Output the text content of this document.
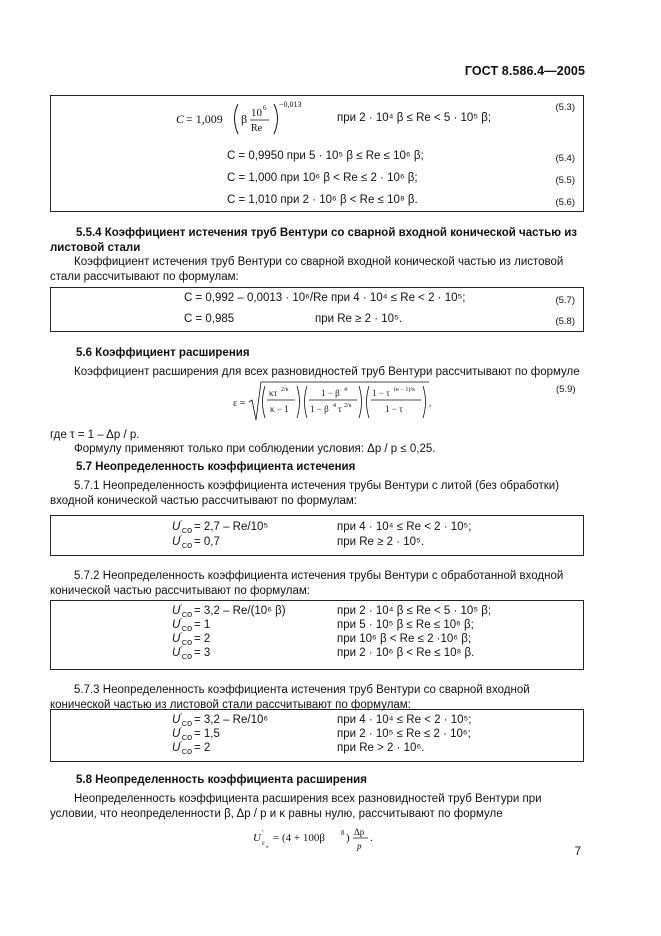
ГОСТ 8.586.4—2005
C = 1,009 β 10 6
Re
−0,013
при 2 · 10⁴ β ≤ Re < 5 · 10⁵ β;
(5.3)
C = 0,9950 при 5 · 10⁵ β ≤ Re ≤ 10⁶ β;	(5.4)
C = 1,000 при 10⁶ β < Re ≤ 2 · 10⁶ β;	(5.5)
C = 1,010 при 2 · 10⁶ β < Re ≤ 10⁸ β.	(5.6)
5.5.4 Коэффициент истечения труб Вентури со сварной входной конической частью из листовой стали
Коэффициент истечения труб Вентури со сварной входной конической частью из листовой стали рассчитывают по формулам:
C = 0,992 – 0,0013 · 10⁶/Re при 4 · 10⁴ ≤ Re < 2 · 10⁵;	(5.7)
C = 0,985	при Re ≥ 2 · 10⁵.	(5.8)
5.6 Коэффициент расширения
Коэффициент расширения для всех разновидностей труб Вентури рассчитывают по формуле
ε =
κτ 2/κ
κ − 1
1 − β 4
1 − β 4 τ 2/κ
1 − τ (κ − 1)/κ
1 − τ
,
(5.9)
где τ = 1 – Δp / p.
Формулу применяют только при соблюдении условия: Δp / p ≤ 0,25.
5.7 Неопределенность коэффициента истечения
5.7.1 Неопределенность коэффициента истечения трубы Вентури с литой (без обработки) входной конической частью рассчитывают по формулам:
$U'_{Cо} = 2,7 - Re/10^5$	при 4 · 10⁴ ≤ Re < 2 · 10⁵;
$U'_{Cо} = 0,7$	при Re ≥ 2 · 10⁵.
5.7.2 Неопределенность коэффициента истечения трубы Вентури с обработанной входной конической частью рассчитывают по формулам:
$U'_{Cо} = 3,2 - Re/(10^6$ β)	при 2 · 10⁴ β ≤ Re < 5 · 10⁵ β;
$U'_{Cо} = 1$	при 5 · 10⁵ β ≤ Re ≤ 10⁶ β;
$U'_{Cо} = 2$	при 10⁶ β < Re ≤ 2 ·10⁶ β;
$U'_{Cо} = 3$	при 2 · 10⁶ β < Re ≤ 10⁸ β.
5.7.3 Неопределенность коэффициента истечения труб Вентури со сварной входной конической частью из листовой стали рассчитывают по формулам:
$U'_{Cо} = 3,2 - Re/10^6$	при 4 · 10⁴ ≤ Re < 2 · 10⁵;
$U'_{Cо} = 1,5$	при 2 · 10⁵ ≤ Re ≤ 2 · 10⁶;
$U'_{Cо} = 2$	при Re > 2 · 10⁶.
5.8 Неопределенность коэффициента расширения
Неопределенность коэффициента расширения всех разновидностей труб Вентури при условии, что неопределенности β, Δp / p и κ равны нулю, рассчитывают по формуле
U ′
ε
о
= (4 + 100β 8 ) Δp
p
.
7
